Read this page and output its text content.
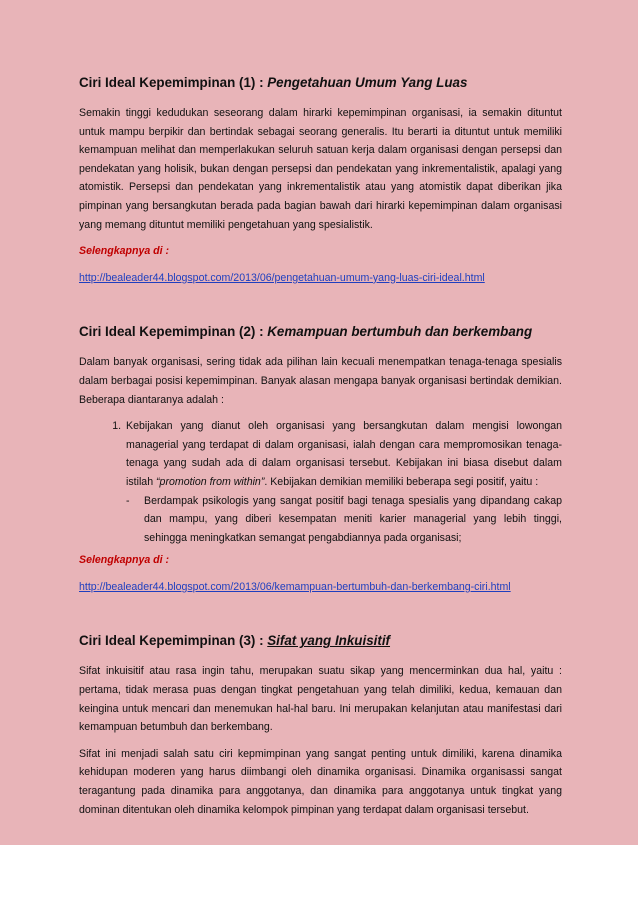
Ciri Ideal Kepemimpinan (1) : Pengetahuan Umum Yang Luas

Semakin tinggi kedudukan seseorang dalam hirarki kepemimpinan organisasi, ia semakin dituntut untuk mampu berpikir dan bertindak sebagai seorang generalis. Itu berarti ia dituntut untuk memiliki kemampuan melihat dan memperlakukan seluruh satuan kerja dalam organisasi dengan persepsi dan pendekatan yang holisik, bukan dengan persepsi dan pendekatan yang inkrementalistik, apalagi yang atomistik. Persepsi dan pendekatan yang inkrementalistik atau yang atomistik dapat diberikan jika pimpinan yang bersangkutan berada pada bagian bawah dari hirarki kepemimpinan dalam organisasi yang memang dituntut memiliki pengetahuan yang spesialistik.

Selengkapnya di :
http://bealeader44.blogspot.com/2013/06/pengetahuan-umum-yang-luas-ciri-ideal.html
Ciri Ideal Kepemimpinan (2) : Kemampuan bertumbuh dan berkembang

Dalam banyak organisasi, sering tidak ada pilihan lain kecuali menempatkan tenaga-tenaga spesialis dalam berbagai posisi kepemimpinan. Banyak alasan mengapa banyak organisasi bertindak demikian. Beberapa diantaranya adalah :

1. Kebijakan yang dianut oleh organisasi yang bersangkutan dalam mengisi lowongan managerial yang terdapat di dalam organisasi, ialah dengan cara mempromosikan tenaga-tenaga yang sudah ada di dalam organisasi tersebut. Kebijakan ini biasa disebut dalam istilah “promotion from within”. Kebijakan demikian memiliki beberapa segi positif, yaitu :
- Berdampak psikologis yang sangat positif bagi tenaga spesialis yang dipandang cakap dan mampu, yang diberi kesempatan meniti karier managerial yang lebih tinggi, sehingga meningkatkan semangat pengabdiannya pada organisasi;
Selengkapnya di :
http://bealeader44.blogspot.com/2013/06/kemampuan-bertumbuh-dan-berkembang-ciri.html
Ciri Ideal Kepemimpinan (3) : Sifat yang Inkuisitif

Sifat inkuisitif atau rasa ingin tahu, merupakan suatu sikap yang mencerminkan dua hal, yaitu : pertama, tidak merasa puas dengan tingkat pengetahuan yang telah dimiliki, kedua, kemauan dan keingina untuk mencari dan menemukan hal-hal baru. Ini merupakan kelanjutan atau manifestasi dari kemampuan betumbuh dan berkembang.

Sifat ini menjadi salah satu ciri kepmimpinan yang sangat penting untuk dimiliki, karena dinamika kehidupan moderen yang harus diimbangi oleh dinamika organisasi. Dinamika organisassi sangat teragantung pada dinamika para anggotanya, dan dinamika para anggotanya untuk tingkat yang dominan ditentukan oleh dinamika kelompok pimpinan yang terdapat dalam organisasi tersebut.
